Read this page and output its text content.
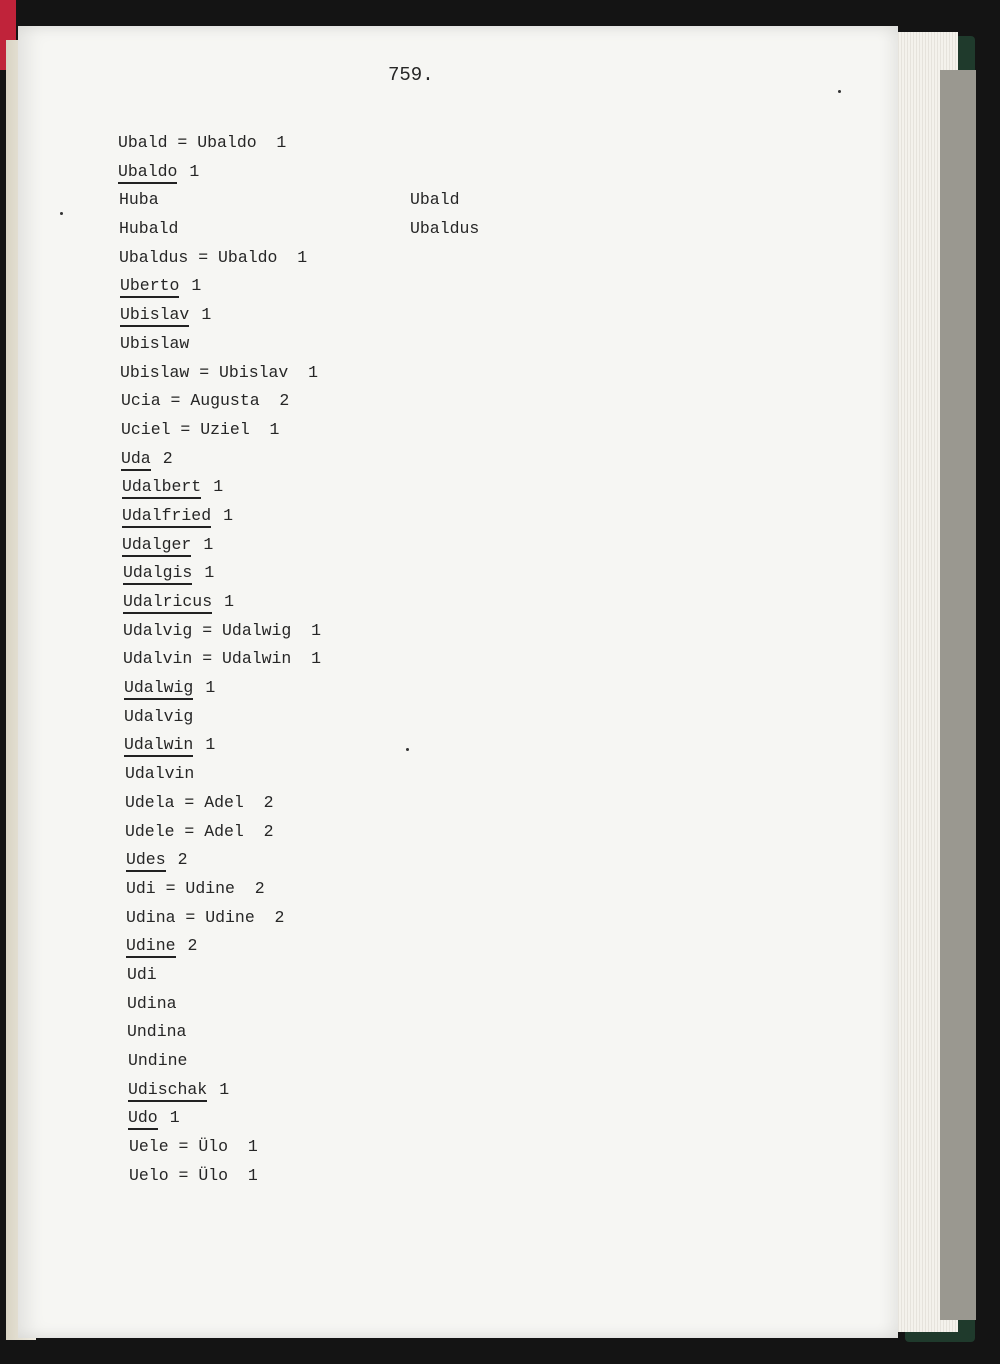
759.
Ubald = Ubaldo  1
Ubaldo 1
Huba
Hubald
Ubaldus = Ubaldo  1
Uberto 1
Ubislav 1
Ubislaw
Ubislaw = Ubislav  1
Ucia = Augusta  2
Uciel = Uziel  1
Uda 2
Udalbert 1
Udalfried 1
Udalger 1
Udalgis 1
Udalricus 1
Udalvig = Udalwig  1
Udalvin = Udalwin  1
Udalwig 1
Udalvig
Udalwin 1
Udalvin
Udela = Adel  2
Udele = Adel  2
Udes 2
Udi = Udine  2
Udina = Udine  2
Udine 2
Udi
Udina
Undina
Undine
Udischak 1
Udo 1
Uele = Ülo  1
Uelo = Ülo  1
Ubald
Ubaldus
